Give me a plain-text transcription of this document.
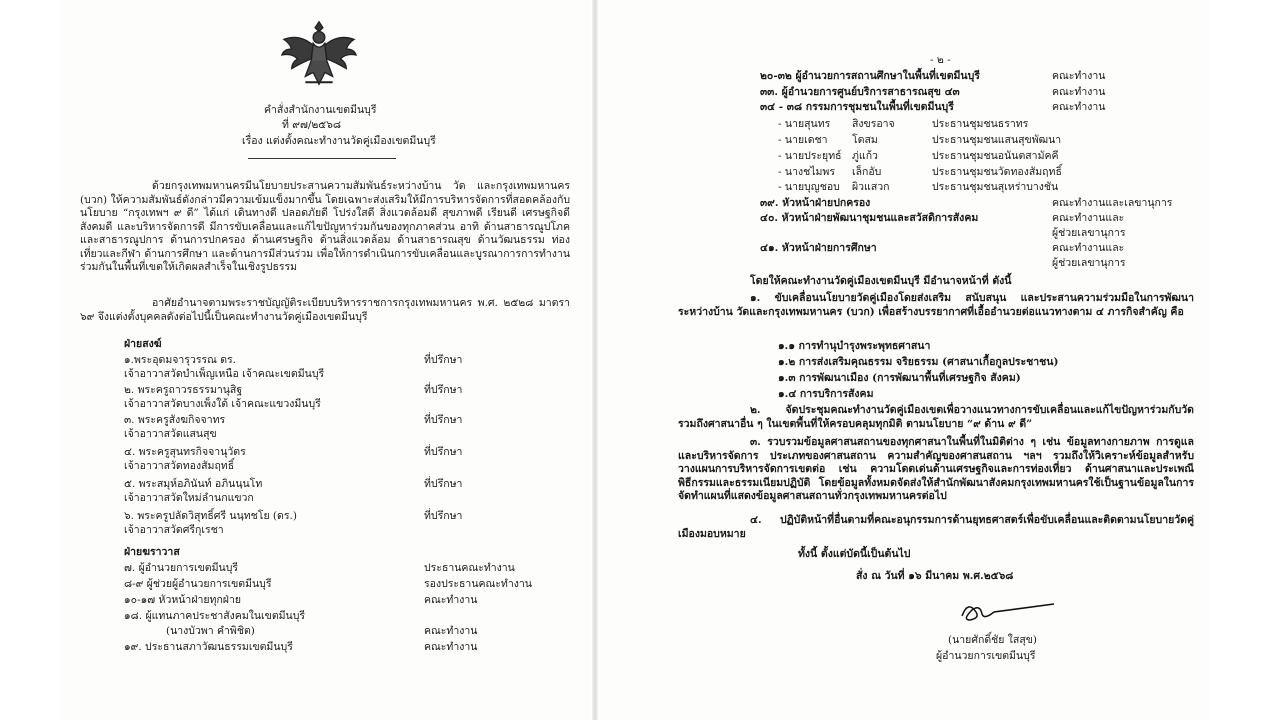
คำสั่งสำนักงานเขตมีนบุรี
ที่ ๙๗/๒๕๖๘
เรื่อง แต่งตั้งคณะทำงานวัดคู่เมืองเขตมีนบุรี
ด้วยกรุงเทพมหานครมีนโยบายประสานความสัมพันธ์ระหว่างบ้าน วัด และกรุงเทพมหานคร (บวก) ให้ความสัมพันธ์ดังกล่าวมีความเข้มแข็งมากขึ้น โดยเฉพาะส่งเสริมให้มีการบริหารจัดการที่สอดคล้องกับนโยบาย “กรุงเทพฯ ๙ ดี” ได้แก่ เดินทางดี ปลอดภัยดี โปร่งใสดี สิ่งแวดล้อมดี สุขภาพดี เรียนดี เศรษฐกิจดี สังคมดี และบริหารจัดการดี มีการขับเคลื่อนและแก้ไขปัญหาร่วมกันของทุกภาคส่วน อาทิ ด้านสาธารณูปโภคและสาธารณูปการ ด้านการปกครอง ด้านเศรษฐกิจ ด้านสิ่งแวดล้อม ด้านสาธารณสุข ด้านวัฒนธรรม ท่องเที่ยวและกีฬา ด้านการศึกษา และด้านการมีส่วนร่วม เพื่อให้การดำเนินการขับเคลื่อนและบูรณาการการทำงานร่วมกันในพื้นที่เขตให้เกิดผลสำเร็จในเชิงรูปธรรม
อาศัยอำนาจตามพระราชบัญญัติระเบียบบริหารราชการกรุงเทพมหานคร พ.ศ. ๒๕๒๘ มาตรา ๖๙ จึงแต่งตั้งบุคคลดังต่อไปนี้เป็นคณะทำงานวัดคู่เมืองเขตมีนบุรี
ฝ่ายสงฆ์
๑.พระอุดมจารุวรรณ ดร.	ที่ปรึกษา
เจ้าอาวาสวัดบำเพ็ญเหนือ เจ้าคณะเขตมีนบุรี
๒. พระครูถาวรธรรมานุสิฐ	ที่ปรึกษา
เจ้าอาวาสวัดบางเพ็งใต้ เจ้าคณะแขวงมีนบุรี
๓. พระครูสังฆกิจจาทร	ที่ปรึกษา
เจ้าอาวาสวัดแสนสุข
๔. พระครูสุนทรกิจจานุวัตร	ที่ปรึกษา
เจ้าอาวาสวัดทองสัมฤทธิ์
๕. พระสมุห์อภินันท์ อภินนฺนโท	ที่ปรึกษา
เจ้าอาวาสวัดใหม่ลำนกแขวก
๖. พระครูปลัดวิสุทธิ์ศรี นนฺทชโย (ดร.)	ที่ปรึกษา
เจ้าอาวาสวัดศรีกุเรชา
ฝ่ายฆราวาส
๗. ผู้อำนวยการเขตมีนบุรี	ประธานคณะทำงาน
๘-๙ ผู้ช่วยผู้อำนวยการเขตมีนบุรี	รองประธานคณะทำงาน
๑๐-๑๗ หัวหน้าฝ่ายทุกฝ่าย	คณะทำงาน
๑๘. ผู้แทนภาคประชาสังคมในเขตมีนบุรี
(นางบัวพา คำพิชิต)	คณะทำงาน
๑๙. ประธานสภาวัฒนธรรมเขตมีนบุรี	คณะทำงาน
- ๒ -
๒๐-๓๒ ผู้อำนวยการสถานศึกษาในพื้นที่เขตมีนบุรี	คณะทำงาน
๓๓. ผู้อำนวยการศูนย์บริการสาธารณสุข ๔๓	คณะทำงาน
๓๔ - ๓๘ กรรมการชุมชนในพื้นที่เขตมีนบุรี	คณะทำงาน
- นายสุนทร สิงขรอาจ	ประธานชุมชนธราทร
- นายเดชา โตสม	ประธานชุมชนแสนสุขพัฒนา
- นายประยุทธ์ ภู่แก้ว	ประธานชุมชนอนันตสามัคคี
- นางชไมพร เล็กอับ	ประธานชุมชนวัดทองสัมฤทธิ์
- นายบุญชอบ ผิวแสวก	ประธานชุมชนสุเหร่าบางชัน
๓๙. หัวหน้าฝ่ายปกครอง	คณะทำงานและเลขานุการ
๔๐. หัวหน้าฝ่ายพัฒนาชุมชนและสวัสดิการสังคม	คณะทำงานและ
ผู้ช่วยเลขานุการ
๔๑. หัวหน้าฝ่ายการศึกษา	คณะทำงานและ
ผู้ช่วยเลขานุการ
โดยให้คณะทำงานวัดคู่เมืองเขตมีนบุรี มีอำนาจหน้าที่ ดังนี้
๑. ขับเคลื่อนนโยบายวัดคู่เมืองโดยส่งเสริม สนับสนุน และประสานความร่วมมือในการพัฒนาระหว่างบ้าน วัดและกรุงเทพมหานคร (บวก) เพื่อสร้างบรรยากาศที่เอื้ออำนวยต่อแนวทางตาม ๔ ภารกิจสำคัญ คือ
๑.๑ การทำนุบำรุงพระพุทธศาสนา
๑.๒ การส่งเสริมคุณธรรม จริยธรรม (ศาสนาเกื้อกูลประชาชน)
๑.๓ การพัฒนาเมือง (การพัฒนาพื้นที่เศรษฐกิจ สังคม)
๑.๔ การบริการสังคม
๒. จัดประชุมคณะทำงานวัดคู่เมืองเขตเพื่อวางแนวทางการขับเคลื่อนและแก้ไขปัญหาร่วมกับวัด รวมถึงศาสนาอื่น ๆ ในเขตพื้นที่ให้ครอบคลุมทุกมิติ ตามนโยบาย “๙ ด้าน ๙ ดี”
๓. รวบรวมข้อมูลศาสนสถานของทุกศาสนาในพื้นที่ในมิติต่าง ๆ เช่น ข้อมูลทางกายภาพ การดูแลและบริหารจัดการ ประเภทของศาสนสถาน ความสำคัญของศาสนสถาน ฯลฯ รวมถึงให้วิเคราะห์ข้อมูลสำหรับวางแผนการบริหารจัดการเขตต่อ เช่น ความโดดเด่นด้านเศรษฐกิจและการท่องเที่ยว ด้านศาสนาและประเพณี พิธีกรรมและธรรมเนียมปฏิบัติ โดยข้อมูลทั้งหมดจัดส่งให้สำนักพัฒนาสังคมกรุงเทพมหานครใช้เป็นฐานข้อมูลในการจัดทำแผนที่แสดงข้อมูลศาสนสถานทั่วกรุงเทพมหานครต่อไป
๔. ปฏิบัติหน้าที่อื่นตามที่คณะอนุกรรมการด้านยุทธศาสตร์เพื่อขับเคลื่อนและติดตามนโยบายวัดคู่เมืองมอบหมาย
ทั้งนี้ ตั้งแต่บัดนี้เป็นต้นไป
สั่ง ณ วันที่ ๑๖ มีนาคม พ.ศ.๒๕๖๘
(นายศักดิ์ชัย ใสสุข)
ผู้อำนวยการเขตมีนบุรี
